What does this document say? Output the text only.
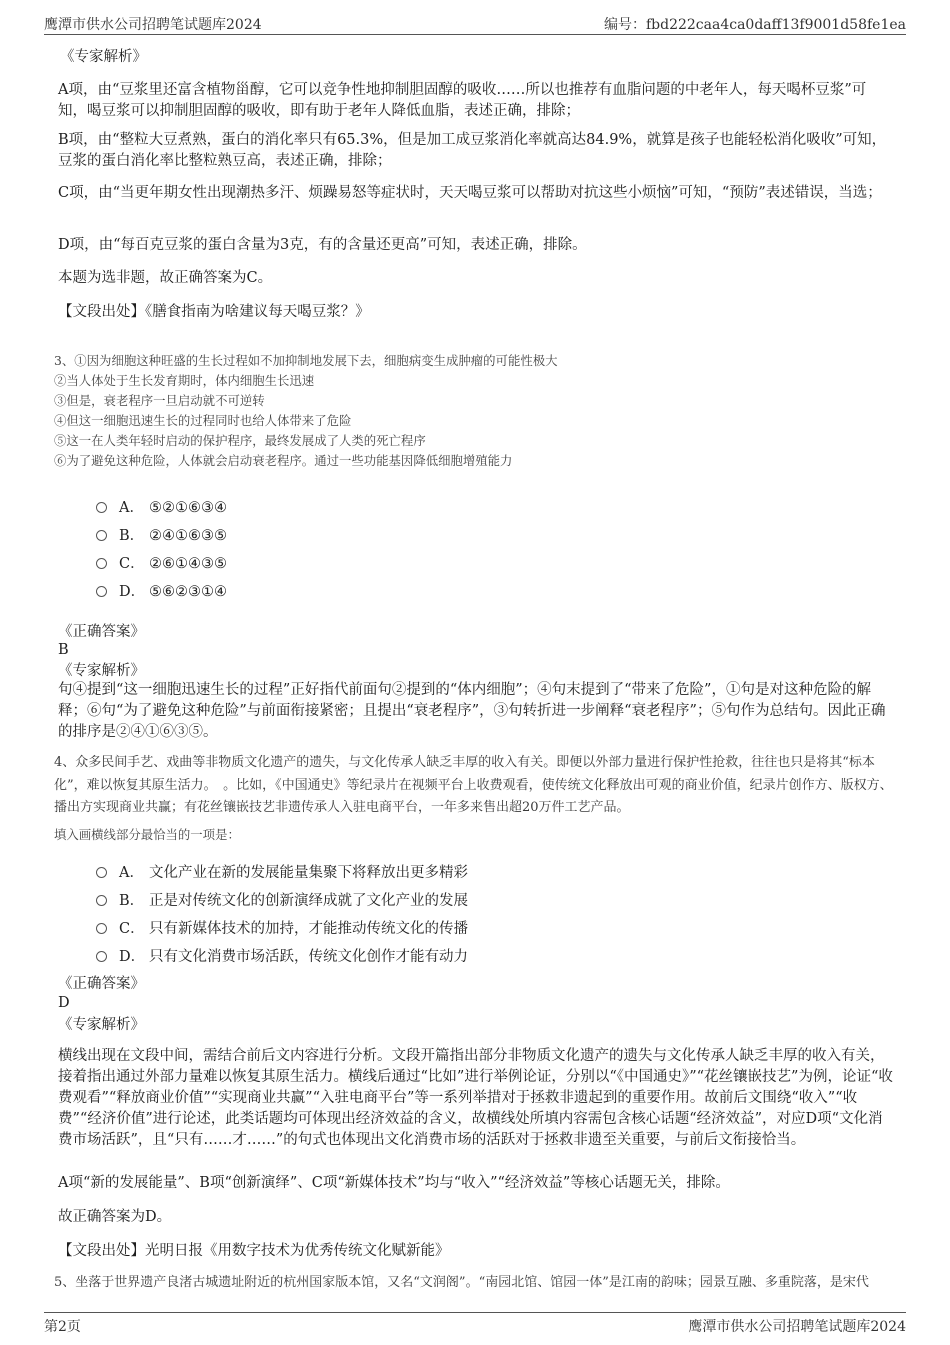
鹰潭市供水公司招聘笔试题库2024	编号：fbd222caa4ca0daff13f9001d58fe1ea
《专家解析》
A项，由“豆浆里还富含植物甾醇，它可以竞争性地抑制胆固醇的吸收……所以也推荐有血脂问题的中老年人，每天喝杯豆浆”可知，喝豆浆可以抑制胆固醇的吸收，即有助于老年人降低血脂，表述正确，排除；
B项，由“整粒大豆煮熟，蛋白的消化率只有65.3%，但是加工成豆浆消化率就高达84.9%，就算是孩子也能轻松消化吸收”可知，豆浆的蛋白消化率比整粒熟豆高，表述正确，排除；
C项，由“当更年期女性出现潮热多汗、烦躁易怒等症状时，天天喝豆浆可以帮助对抗这些小烦恼”可知，“预防”表述错误，当选；
D项，由“每百克豆浆的蛋白含量为3克，有的含量还更高”可知，表述正确，排除。
本题为选非题，故正确答案为C。
【文段出处】《膳食指南为啥建议每天喝豆浆？》
3、①因为细胞这种旺盛的生长过程如不加抑制地发展下去，细胞病变生成肿瘤的可能性极大
②当人体处于生长发育期时，体内细胞生长迅速
③但是，衰老程序一旦启动就不可逆转
④但这一细胞迅速生长的过程同时也给人体带来了危险
⑤这一在人类年轻时启动的保护程序，最终发展成了人类的死亡程序
⑥为了避免这种危险，人体就会启动衰老程序。通过一些功能基因降低细胞增殖能力
A． ⑤②①⑥③④
B． ②④①⑥③⑤
C． ②⑥①④③⑤
D． ⑤⑥②③①④
《正确答案》
B
《专家解析》
句④提到“这一细胞迅速生长的过程”正好指代前面句②提到的“体内细胞”；④句末提到了“带来了危险”，①句是对这种危险的解释；⑥句“为了避免这种危险”与前面衔接紧密；且提出“衰老程序”，③句转折进一步阐释“衰老程序”；⑤句作为总结句。因此正确的排序是②④①⑥③⑤。
4、众多民间手艺、戏曲等非物质文化遗产的遗失，与文化传承人缺乏丰厚的收入有关。即便以外部力量进行保护性抢救，往往也只是将其“标本化”，难以恢复其原生活力。　。比如，《中国通史》等纪录片在视频平台上收费观看，使传统文化释放出可观的商业价值，纪录片创作方、版权方、播出方实现商业共赢；有花丝镶嵌技艺非遗传承人入驻电商平台，一年多来售出超20万件工艺产品。
填入画横线部分最恰当的一项是：
A． 文化产业在新的发展能量集聚下将释放出更多精彩
B． 正是对传统文化的创新演绎成就了文化产业的发展
C． 只有新媒体技术的加持，才能推动传统文化的传播
D． 只有文化消费市场活跃，传统文化创作才能有动力
《正确答案》
D
《专家解析》
横线出现在文段中间，需结合前后文内容进行分析。文段开篇指出部分非物质文化遗产的遗失与文化传承人缺乏丰厚的收入有关，接着指出通过外部力量难以恢复其原生活力。横线后通过“比如”进行举例论证，分别以“《中国通史》”“花丝镶嵌技艺”为例，论证“收费观看”“释放商业价值”“实现商业共赢”“入驻电商平台”等一系列举措对于拯救非遗起到的重要作用。故前后文围绕“收入”“收费”“经济价值”进行论述，此类话题均可体现出经济效益的含义，故横线处所填内容需包含核心话题“经济效益”，对应D项“文化消费市场活跃”，且“只有……才……”的句式也体现出文化消费市场的活跃对于拯救非遗至关重要，与前后文衔接恰当。
A项“新的发展能量”、B项“创新演绎”、C项“新媒体技术”均与“收入”“经济效益”等核心话题无关，排除。
故正确答案为D。
【文段出处】光明日报《用数字技术为优秀传统文化赋新能》
5、坐落于世界遗产良渚古城遗址附近的杭州国家版本馆，又名“文润阁”。“南园北馆、馆园一体”是江南的韵味；园景互融、多重院落，是宋代
第2页	鹰潭市供水公司招聘笔试题库2024
